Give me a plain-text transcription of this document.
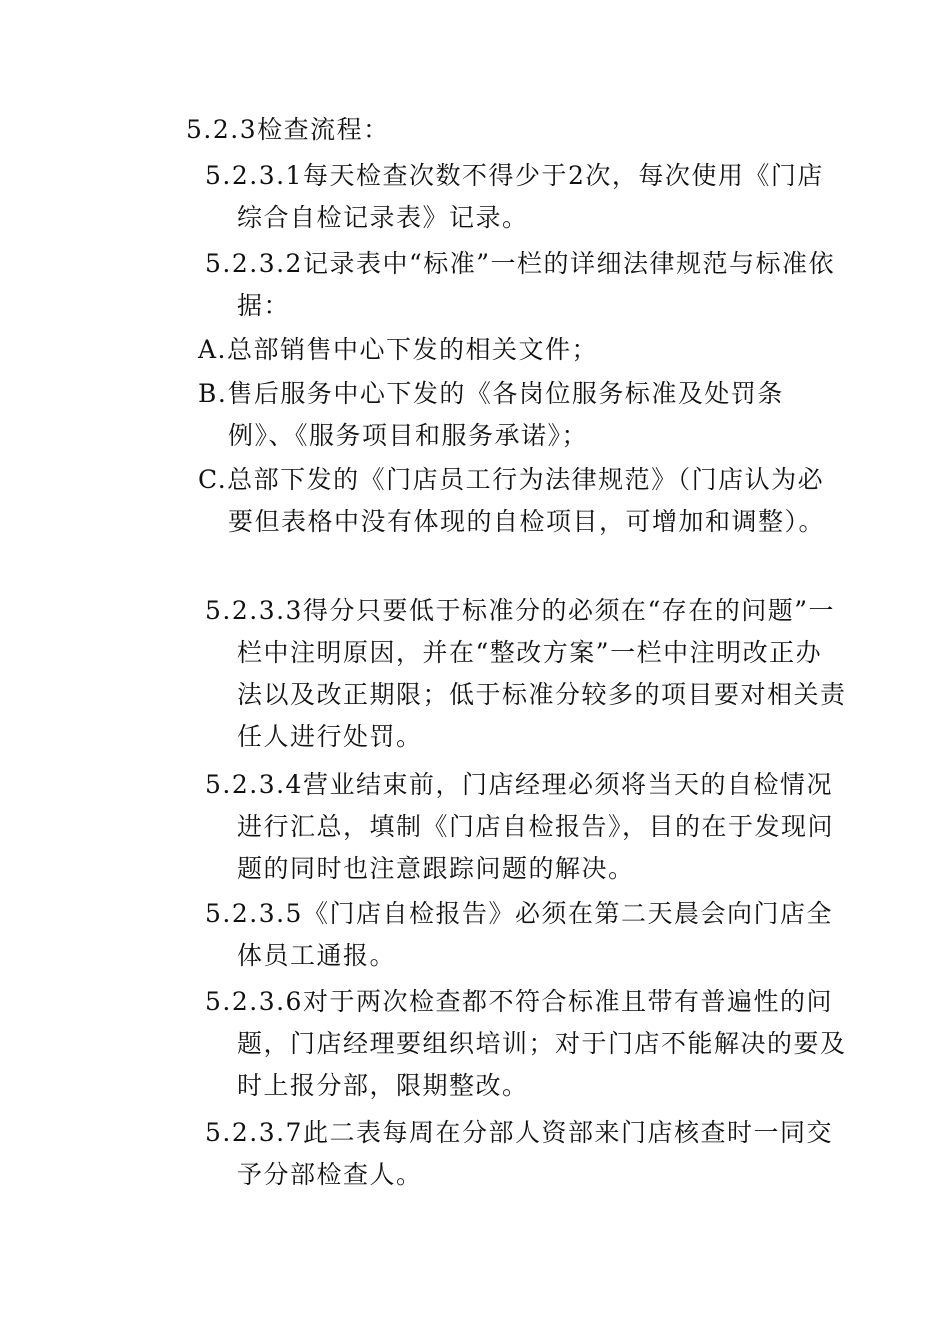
5.2.3检查流程：

5.2.3.1每天检查次数不得少于2次，每次使用《门店综合自检记录表》记录。

5.2.3.2记录表中“标准”一栏的详细法律规范与标准依据：

A.总部销售中心下发的相关文件；

B.售后服务中心下发的《各岗位服务标准及处罚条例》、《服务项目和服务承诺》；

C.总部下发的《门店员工行为法律规范》（门店认为必要但表格中没有体现的自检项目，可增加和调整）。

5.2.3.3得分只要低于标准分的必须在“存在的问题”一栏中注明原因，并在“整改方案”一栏中注明改正办法以及改正期限；低于标准分较多的项目要对相关责任人进行处罚。

5.2.3.4营业结束前，门店经理必须将当天的自检情况进行汇总，填制《门店自检报告》，目的在于发现问题的同时也注意跟踪问题的解决。

5.2.3.5《门店自检报告》必须在第二天晨会向门店全体员工通报。

5.2.3.6对于两次检查都不符合标准且带有普遍性的问题，门店经理要组织培训；对于门店不能解决的要及时上报分部，限期整改。

5.2.3.7此二表每周在分部人资部来门店核查时一同交予分部检查人。
